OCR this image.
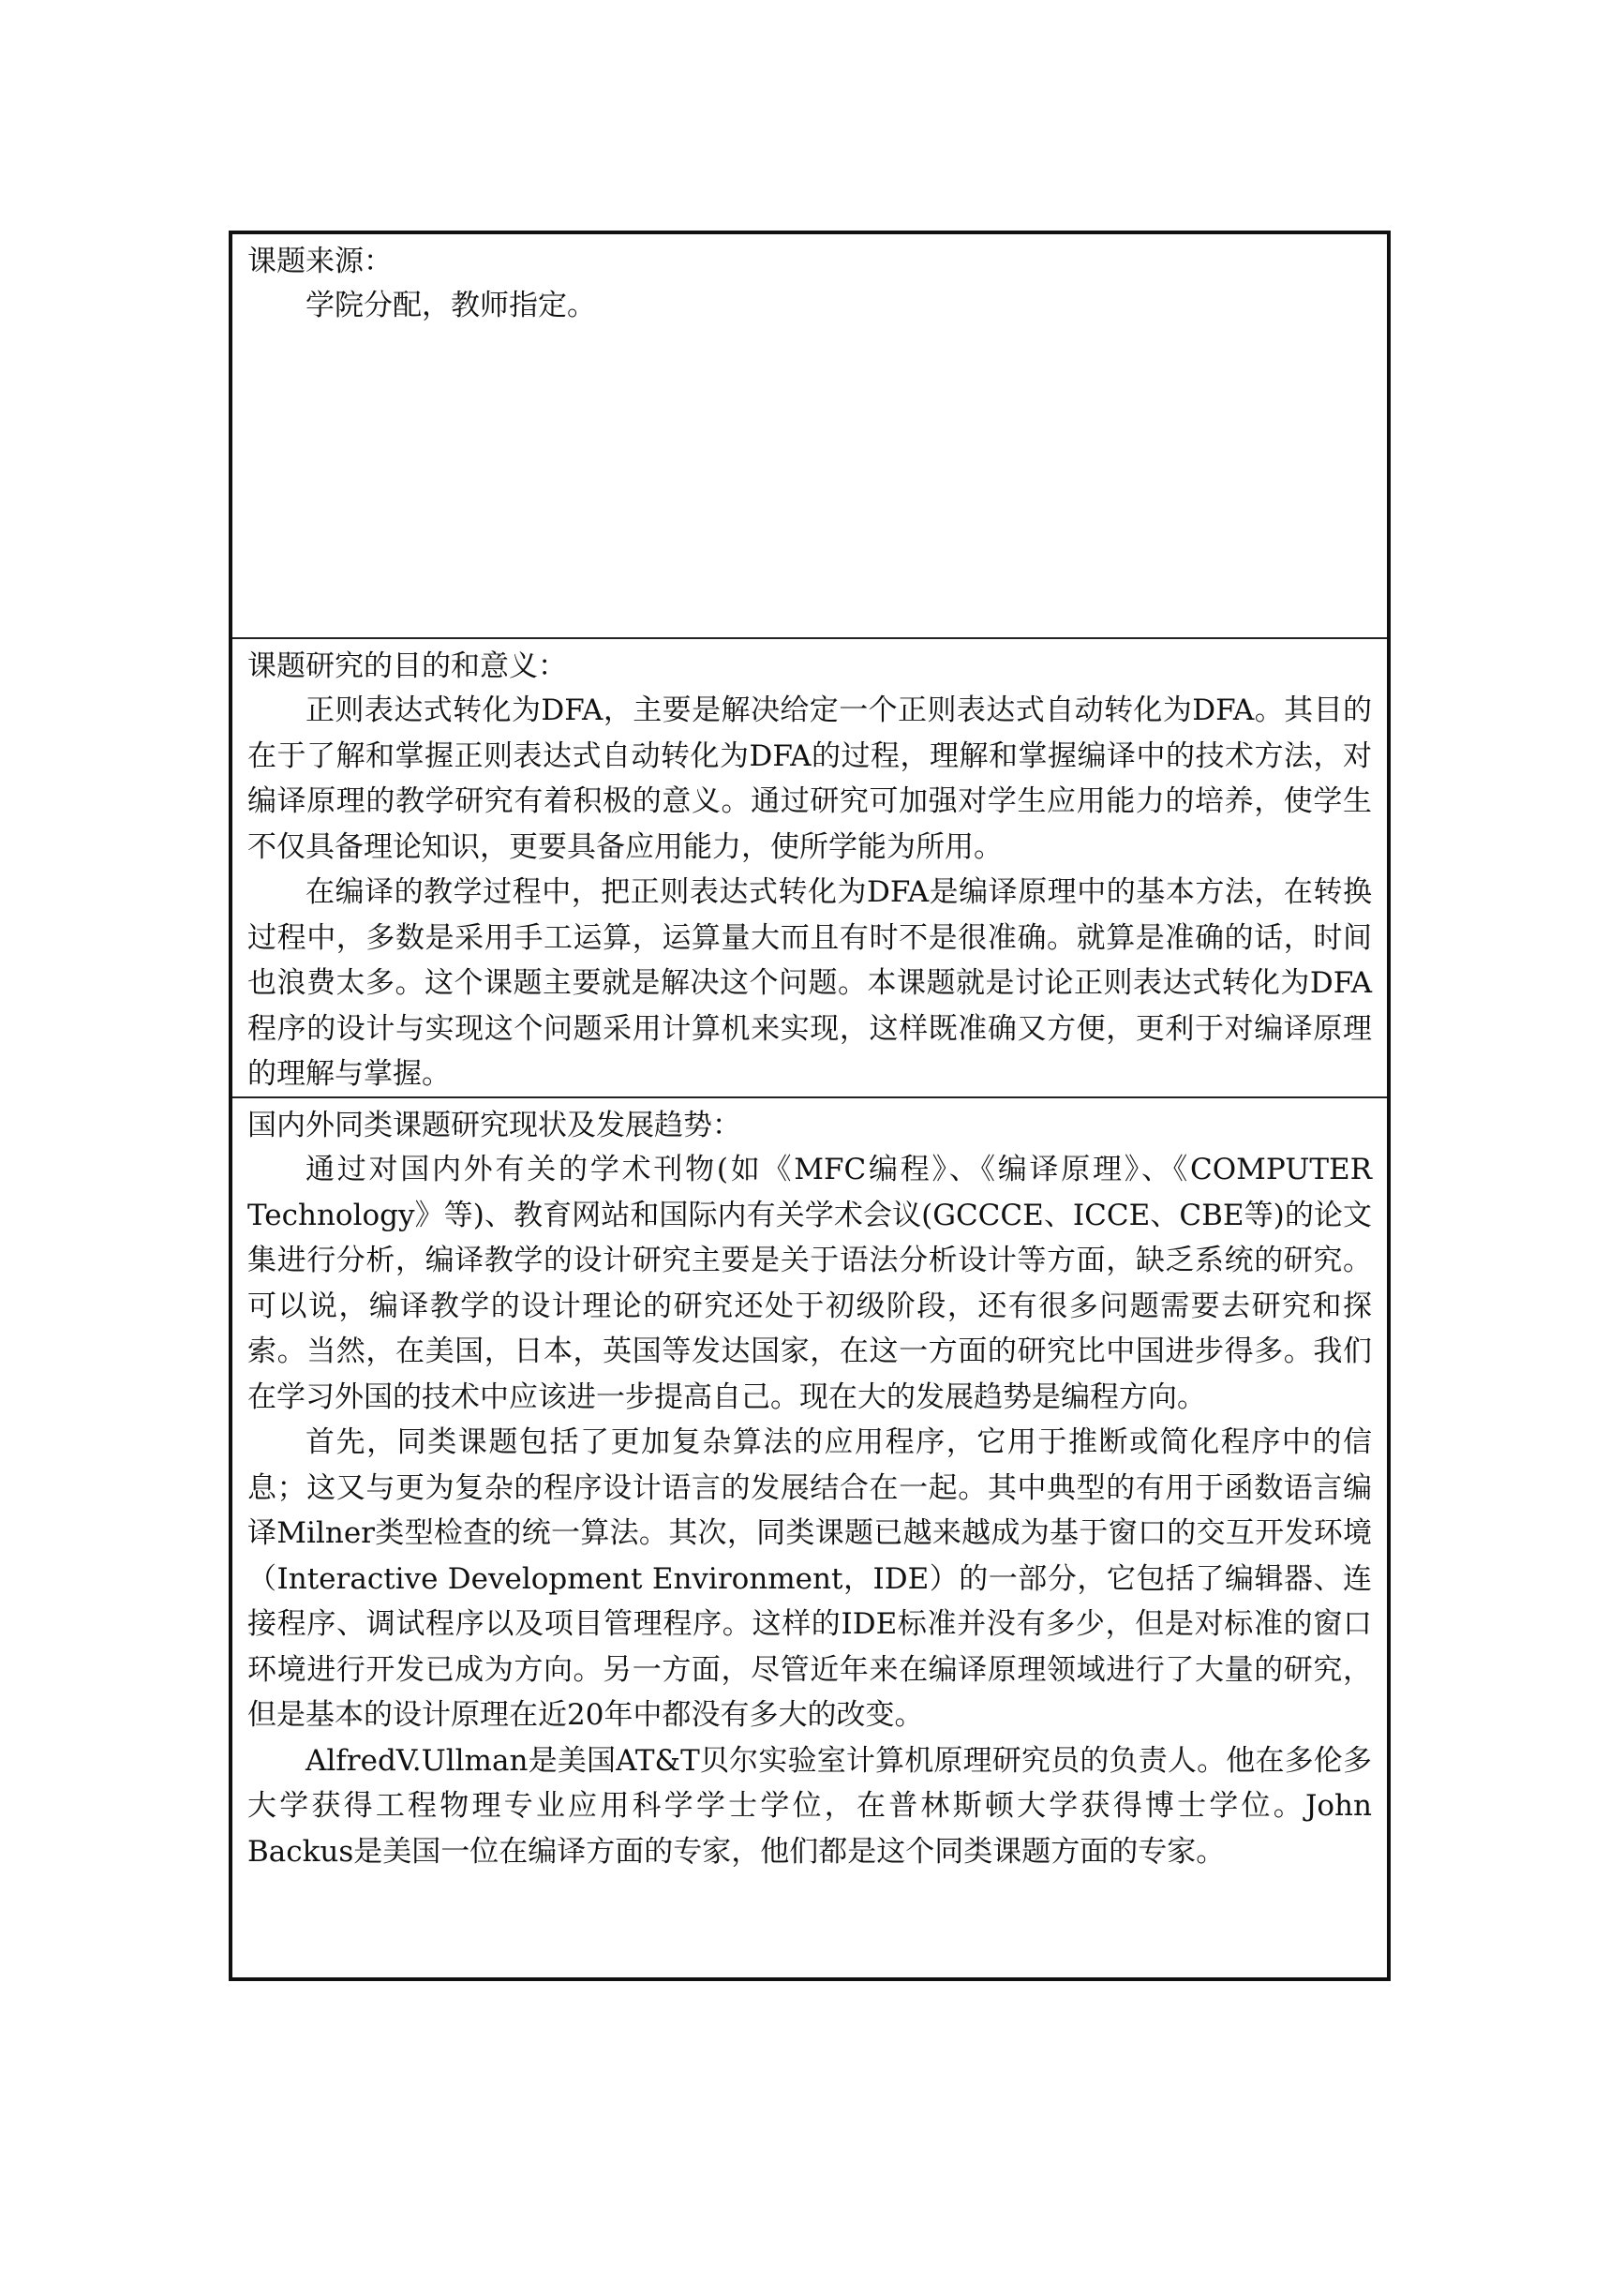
课题来源：

学院分配，教师指定。

课题研究的目的和意义：

正则表达式转化为DFA，主要是解决给定一个正则表达式自动转化为DFA。其目的在于了解和掌握正则表达式自动转化为DFA的过程，理解和掌握编译中的技术方法，对编译原理的教学研究有着积极的意义。通过研究可加强对学生应用能力的培养，使学生不仅具备理论知识，更要具备应用能力，使所学能为所用。

在编译的教学过程中，把正则表达式转化为DFA是编译原理中的基本方法，在转换过程中，多数是采用手工运算，运算量大而且有时不是很准确。就算是准确的话，时间也浪费太多。这个课题主要就是解决这个问题。本课题就是讨论正则表达式转化为DFA程序的设计与实现这个问题采用计算机来实现，这样既准确又方便，更利于对编译原理的理解与掌握。

国内外同类课题研究现状及发展趋势：

通过对国内外有关的学术刊物(如《MFC编程》、《编译原理》、《COMPUTER Technology》等)、教育网站和国际内有关学术会议(GCCCE、ICCE、CBE等)的论文集进行分析，编译教学的设计研究主要是关于语法分析设计等方面，缺乏系统的研究。可以说，编译教学的设计理论的研究还处于初级阶段，还有很多问题需要去研究和探索。当然，在美国，日本，英国等发达国家，在这一方面的研究比中国进步得多。我们在学习外国的技术中应该进一步提高自己。现在大的发展趋势是编程方向。

首先，同类课题包括了更加复杂算法的应用程序，它用于推断或简化程序中的信息；这又与更为复杂的程序设计语言的发展结合在一起。其中典型的有用于函数语言编译Milner类型检查的统一算法。其次，同类课题已越来越成为基于窗口的交互开发环境（Interactive Development Environment，IDE）的一部分，它包括了编辑器、连接程序、调试程序以及项目管理程序。这样的IDE标准并没有多少，但是对标准的窗口环境进行开发已成为方向。另一方面，尽管近年来在编译原理领域进行了大量的研究，但是基本的设计原理在近20年中都没有多大的改变。

AlfredV.Ullman是美国AT&T贝尔实验室计算机原理研究员的负责人。他在多伦多大学获得工程物理专业应用科学学士学位，在普林斯顿大学获得博士学位。John Backus是美国一位在编译方面的专家，他们都是这个同类课题方面的专家。
